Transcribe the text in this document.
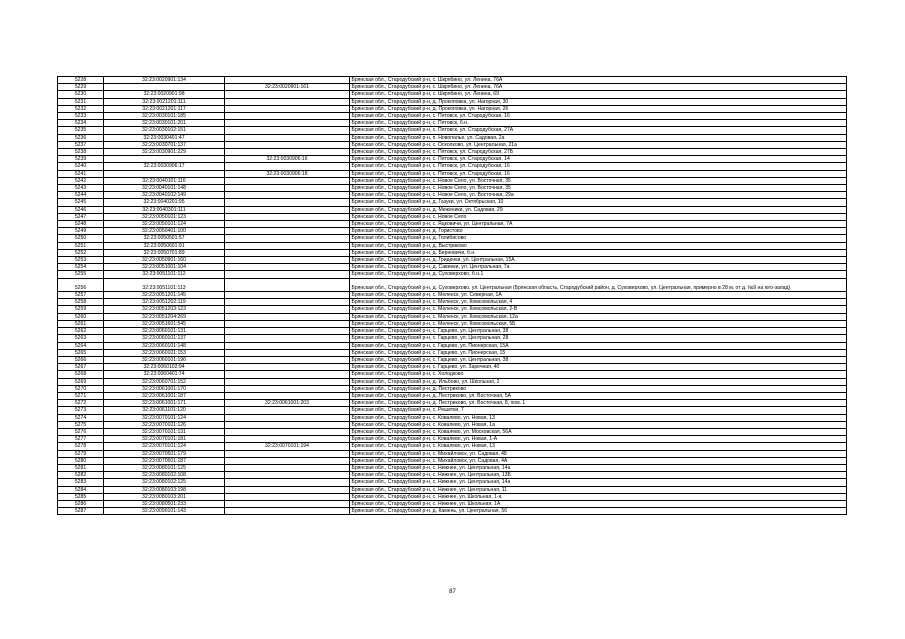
5228	32:23:0020901:134		Брянская обл., Стародубский р-н, с. Шкрябино, ул. Ленина, 76А
5229		32:23:0020901:161	Брянская обл., Стародубский р-н, с. Шкрябино, ул. Ленина, 76А
5230	32:23:0020901:98		Брянская обл., Стародубский р-н, с. Шкрябино, ул. Ленина, 69
5231	32:23:0021201:111		Брянская обл., Стародубский р-н, д. Прокоповка, ул. Нагорная, 30
5232	32:23:0021201:117		Брянская обл., Стародубский р-н, д. Прокоповка, ул. Нагорная, 26
5233	32:23:0030101:185		Брянская обл., Стародубский р-н, с. Пятовск, ул. Стародубская, 16
5234	32:23:0030101:201		Брянская обл., Стародубский р-н, с. Пятовск, б.н.
5235	32:23:0030102:151		Брянская обл., Стародубский р-н, с. Пятовск, ул. Стародубская, 27А
5236	32:23:0030401:47		Брянская обл., Стародубский р-н, п. Новопалье, ул. Садовая, 2а
5237	32:23:0030701:137		Брянская обл., Стародубский р-н, с. Осколково, ул. Центральная, 21а
5238	32:23:0030901:229		Брянская обл., Стародубский р-н, с. Пятовск, ул. Стародубская, 27Б
5239		32:23:0030906:16	Брянская обл., Стародубский р-н, с. Пятовск, ул. Стародубская, 14
5240	32:23:0030906:17		Брянская обл., Стародубский р-н, с. Пятовск, ул. Стародубская, 16
5241		32:23:0030906:18	Брянская обл., Стародубский р-н, с. Пятовск, ул. Стародубская, 16
5242	32:23:0040101:116		Брянская обл., Стародубский р-н, с. Новое Село, ул. Восточная, 35
5243	32:23:0040101:148		Брянская обл., Стародубский р-н, с. Новое Село, ул. Восточная, 35
5244	32:23:0040102:149		Брянская обл., Стародубский р-н, с. Новое Село, ул. Восточная, 29а
5245	32:23:0040201:95		Брянская обл., Стародубский р-н, д. Газуки, ул. Октябрьская, 10
5246	32:23:0040301:111		Брянская обл., Стародубский р-н, д. Меженики, ул. Садовая, 29
5247	32:23:0050101:123		Брянская обл., Стародубский р-н, с. Новое Село
5248	32:23:0050101:124		Брянская обл., Стародубский р-н, с. Яцковичи, ул. Центральная, 7А
5249	32:23:0050401:100		Брянская обл., Стародубский р-н, д. Гористово
5250	32:23:0050501:57		Брянская обл., Стародубский р-н, д. Голибисово
5251	32:23:0050601:91		Брянская обл., Стародубский р-н, д. Выстриково
5252	32:23:0050701:89		Брянская обл., Стародубский р-н, д. Берновичи, б.н.
5253	32:23:0050901:160		Брянская обл., Стародубский р-н, д. Гриденки, ул. Центральная, 15А
5254	32:23:0051001:104		Брянская обл., Стародубский р-н, д. Савинки, ул. Центральная, 7а
5255	32:23:0051101:112		Брянская обл., Стародубский р-н, д. Суховерхово, б.н.1
5256	32:23:0051101:113		Брянская обл., Стародубский р-н, д. Суховерхово, ул. Центральная (Брянская область, Стародубский район, д. Суховерхово, ул. Центральная, примерно в 28 м. от д. №9 на юго-запад)
5257	32:23:0051201:145		Брянская обл., Стародубский р-н, с. Меленск, ул. Северная, 1А
5258	32:23:0051202:119		Брянская обл., Стародубский р-н, с. Меленск, ул. Комсомольская, 4
5259	32:23:0051203:123		Брянская обл., Стародубский р-н, с. Меленск, ул. Комсомольская, 2-В
5260	32:23:0051204:269		Брянская обл., Стародубский р-н, с. Меленск, ул. Комсомольская, 12а
5261	32:23:0051601:545		Брянская обл., Стародубский р-н, с. Меленск, ул. Комсомольская, 5Б
5262	32:23:0060101:131		Брянская обл., Стародубский р-н, с. Гарцево, ул. Центральная, 38
5263	32:23:0060101:137		Брянская обл., Стародубский р-н, с. Гарцево, ул. Центральная, 28
5264	32:23:0060101:148		Брянская обл., Стародубский р-н, с. Гарцево, ул. Пионерская, 15А
5265	32:23:0060101:153		Брянская обл., Стародубский р-н, с. Гарцево, ул. Пионерская, 15
5266	32:23:0060101:196		Брянская обл., Стародубский р-н, с. Гарцево, ул. Центральная, 38
5267	32:23:0060102:94		Брянская обл., Стародубский р-н, с. Гарцево, ул. Заречная, 40
5268	32:23:0060401:74		Брянская обл., Стародубский р-н, с. Холодково
5269	32:23:0060701:152		Брянская обл., Стародубский р-н, д. Ильбово, ул. Школьная, 2
5270	32:23:0061001:170		Брянская обл., Стародубский р-н, д. Пестриково
5271	32:23:0061001:187		Брянская обл., Стародубский р-н, д. Пестриково, ул. Восточная, 5А
5272	32:23:0061001:171	32:23:0061001:203	Брянская обл., Стародубский р-н, д. Пестриково, ул. Восточная, 8, пом. 1
5273	32:23:0061101:120		Брянская обл., Стародубский р-н, с. Решетки, 7
5274	32:23:0070101:124		Брянская обл., Стародубский р-н, с. Ковалево, ул. Новая, 13
5275	32:23:0070101:126		Брянская обл., Стародубский р-н, с. Ковалево, ул. Новая, 1а
5276	32:23:0070101:131		Брянская обл., Стародубский р-н, с. Ковалево, ул. Московская, 56А
5277	32:23:0070101:181		Брянская обл., Стародубский р-н, с. Ковалево, ул. Новая, 1-А
5278	32:23:0070101:124	32:23:0070101:194	Брянская обл., Стародубский р-н, с. Ковалево, ул. Новая, 13
5279	32:23:0070501:179		Брянская обл., Стародубский р-н, с. Михайловск, ул. Садовая, 48
5280	32:23:0070501:187		Брянская обл., Стародубский р-н, с. Михайловск, ул. Садовая, 4А
5281	32:23:0080101:125		Брянская обл., Стародубский р-н, с. Нижнее, ул. Центральная, 14а
5282	32:23:0080102:108		Брянская обл., Стародубский р-н, с. Нижнее, ул. Центральная, 13Б
5283	32:23:0080102:125		Брянская обл., Стародубский р-н, с. Нижнее, ул. Центральная, 14а
5284	32:23:0080103:198		Брянская обл., Стародубский р-н, с. Нижнее, ул. Центральная, 11
5285	32:23:0080103:201		Брянская обл., Стародубский р-н, с. Нижнее, ул. Школьная, 1-а
5286	32:23:0080501:233		Брянская обл., Стародубский р-н, с. Нижнее, ул. Школьная, 1А
5287	32:23:0090101:143		Брянская обл., Стародубский р-н, д. Камень, ул. Центральная, 56
87
